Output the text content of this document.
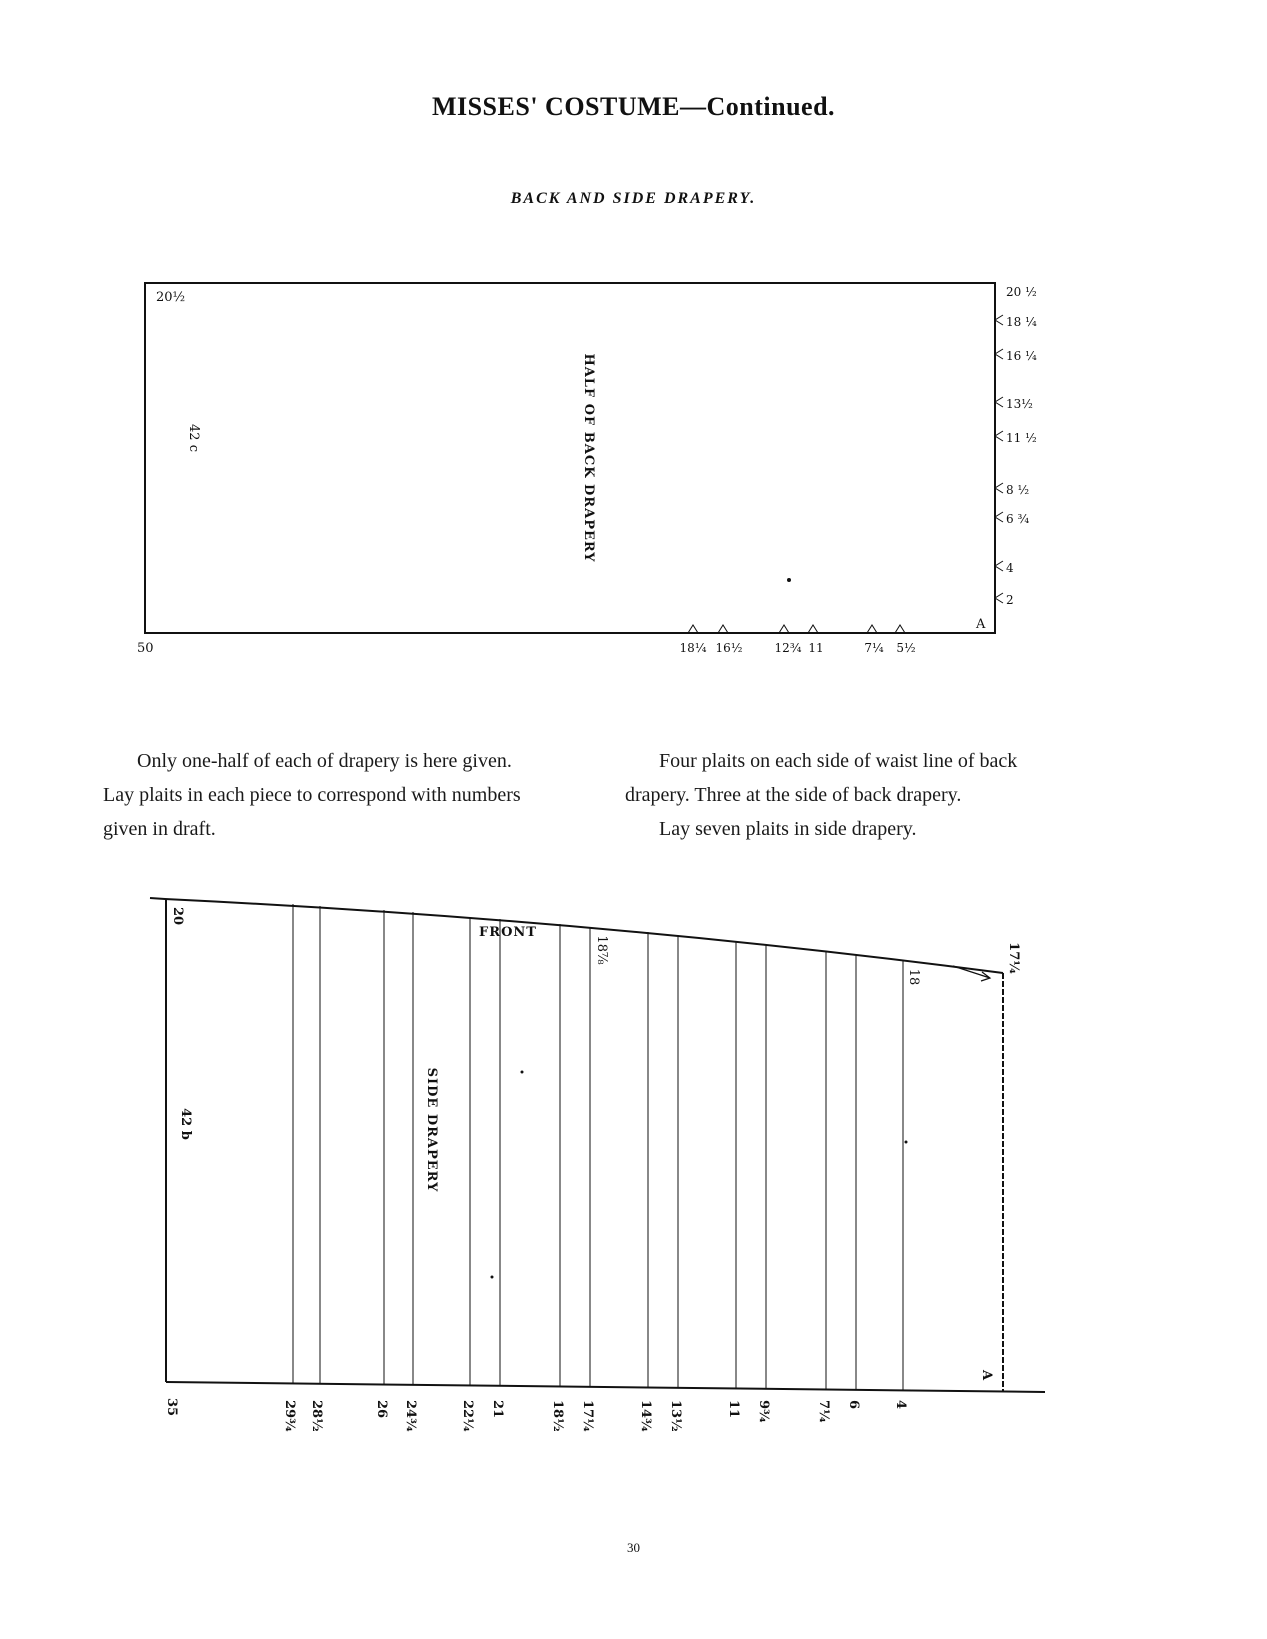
MISSES' COSTUME—Continued.
BACK AND SIDE DRAPERY.
20½
50
42 c	HALF OF BACK DRAPERY
A
20 ½
18 ¼
16 ¼
13½
11 ½
8 ½
6 ¾
4
2
18¼ 16½	12¾ 11	7¼ 5½

Only one-half of each of drapery is here given.

Lay plaits in each piece to correspond with numbers

given in draft.

Four plaits on each side of waist line of back

drapery. Three at the side of back drapery.

Lay seven plaits in side drapery.

20
42 b
FRONT
SIDE DRAPERY
18⅞
18
17¼
A
35	29¾ 28½	26 24¾	22¼ 21	18½ 17¼	14¾ 13½	11 9¾	7¼ 6 4
30
